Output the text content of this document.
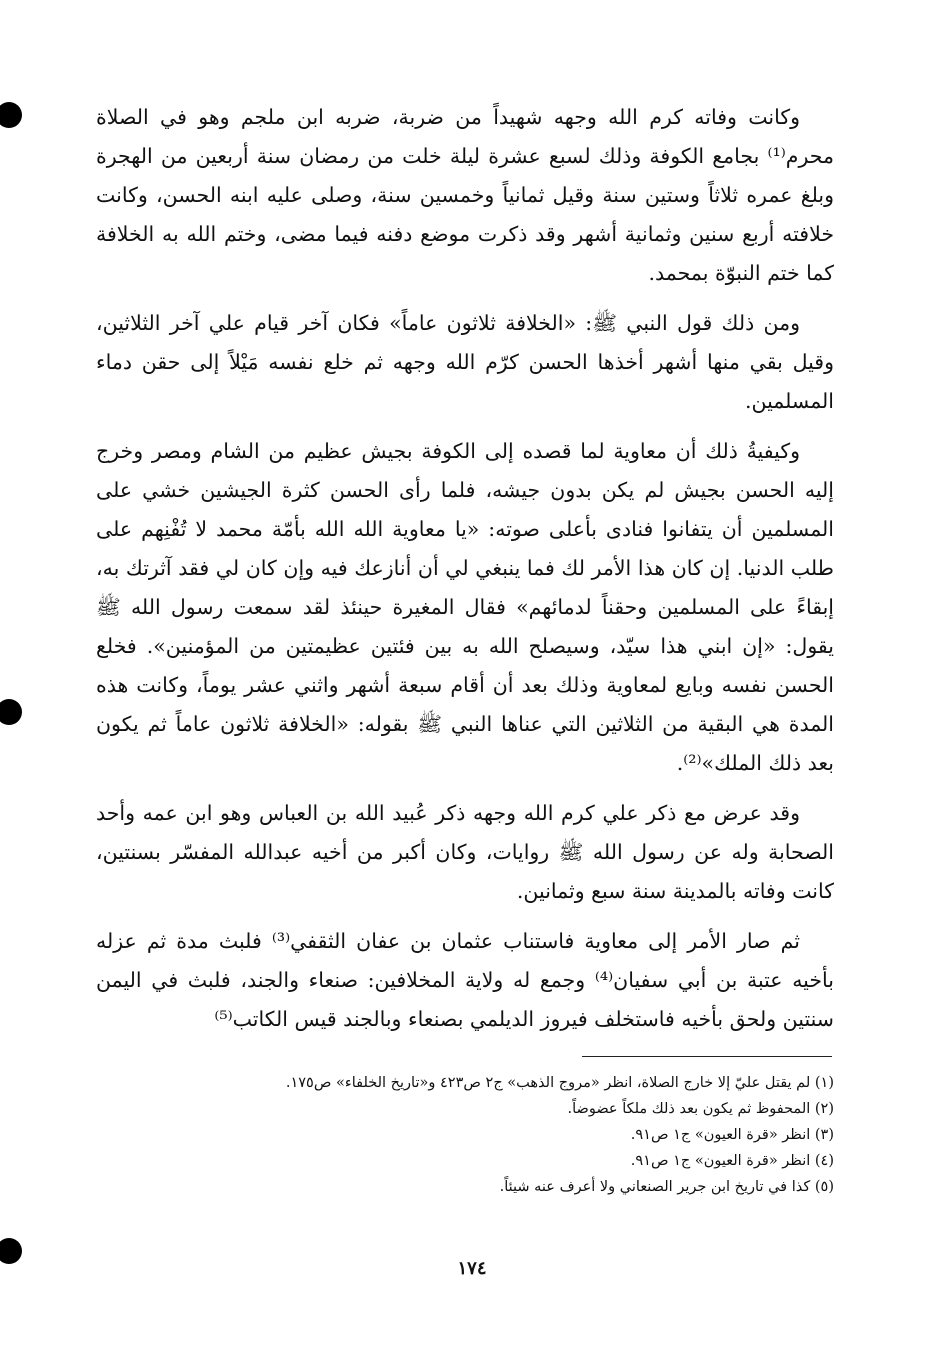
وكانت وفاته كرم الله وجهه شهيداً من ضربة، ضربه ابن ملجم وهو في الصلاة محرم⁽¹⁾ بجامع الكوفة وذلك لسبع عشرة ليلة خلت من رمضان سنة أربعين من الهجرة وبلغ عمره ثلاثاً وستين سنة وقيل ثمانياً وخمسين سنة، وصلى عليه ابنه الحسن، وكانت خلافته أربع سنين وثمانية أشهر وقد ذكرت موضع دفنه فيما مضى، وختم الله به الخلافة كما ختم النبوّة بمحمد.

ومن ذلك قول النبي ﷺ: «الخلافة ثلاثون عاماً» فكان آخر قيام علي آخر الثلاثين، وقيل بقي منها أشهر أخذها الحسن كرّم الله وجهه ثم خلع نفسه مَيْلاً إلى حقن دماء المسلمين.

وكيفيةُ ذلك أن معاوية لما قصده إلى الكوفة بجيش عظيم من الشام ومصر وخرج إليه الحسن بجيش لم يكن بدون جيشه، فلما رأى الحسن كثرة الجيشين خشي على المسلمين أن يتفانوا فنادى بأعلى صوته: «يا معاوية الله الله بأمّة محمد لا تُفْنِهم على طلب الدنيا. إن كان هذا الأمر لك فما ينبغي لي أن أنازعك فيه وإن كان لي فقد آثرتك به، إبقاءً على المسلمين وحقناً لدمائهم» فقال المغيرة حينئذ لقد سمعت رسول الله ﷺ يقول: «إن ابني هذا سيّد، وسيصلح الله به بين فئتين عظيمتين من المؤمنين». فخلع الحسن نفسه وبايع لمعاوية وذلك بعد أن أقام سبعة أشهر واثني عشر يوماً، وكانت هذه المدة هي البقية من الثلاثين التي عناها النبي ﷺ بقوله: «الخلافة ثلاثون عاماً ثم يكون بعد ذلك الملك»⁽²⁾.

وقد عرض مع ذكر علي كرم الله وجهه ذكر عُبيد الله بن العباس وهو ابن عمه وأحد الصحابة وله عن رسول الله ﷺ روايات، وكان أكبر من أخيه عبدالله المفسّر بسنتين، كانت وفاته بالمدينة سنة سبع وثمانين.

ثم صار الأمر إلى معاوية فاستناب عثمان بن عفان الثقفي⁽³⁾ فلبث مدة ثم عزله بأخيه عتبة بن أبي سفيان⁽⁴⁾ وجمع له ولاية المخلافين: صنعاء والجند، فلبث في اليمن سنتين ولحق بأخيه فاستخلف فيروز الديلمي بصنعاء وبالجند قيس الكاتب⁽⁵⁾

(١) لم يقتل عليّ إلا خارج الصلاة، انظر «مروج الذهب» ج٢ ص٤٢٣ و«تاريخ الخلفاء» ص١٧٥.

(٢) المحفوظ ثم يكون بعد ذلك ملكاً عضوضاً.

(٣) انظر «قرة العيون» ج١ ص٩١.

(٤) انظر «قرة العيون» ج١ ص٩١.

(٥) كذا في تاريخ ابن جرير الصنعاني ولا أعرف عنه شيئاً.

١٧٤
